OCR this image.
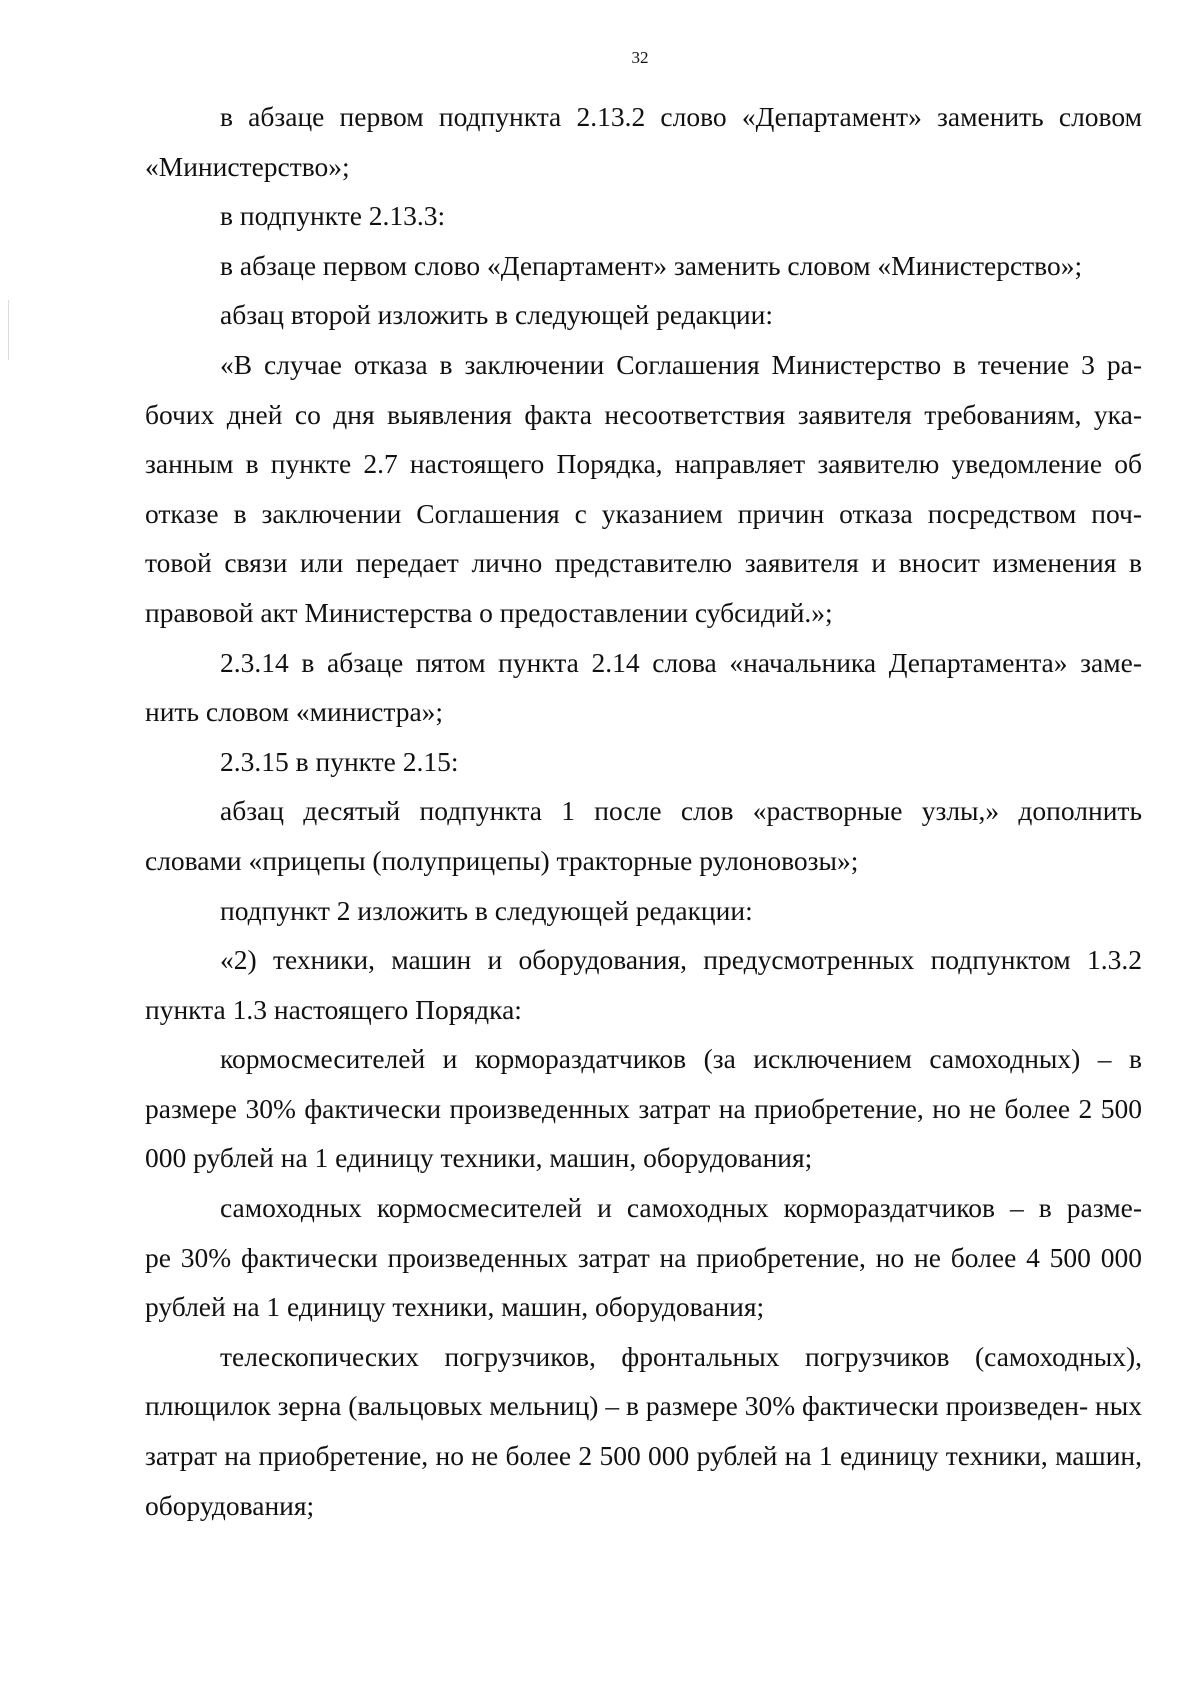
32

в абзаце первом подпункта 2.13.2 слово «Департамент» заменить словом
«Министерство»;

в подпункте 2.13.3:

в абзаце первом слово «Департамент» заменить словом «Министерство»;

абзац второй изложить в следующей редакции:

«В случае отказа в заключении Соглашения Министерство в течение 3 ра-
бочих дней со дня выявления факта несоответствия заявителя требованиям, ука- занным в пункте 2.7 настоящего Порядка, направляет заявителю уведомление об отказе в заключении Соглашения с указанием причин отказа посредством поч- товой связи или передает лично представителю заявителя и вносит изменения в правовой акт Министерства о предоставлении субсидий.»;

2.3.14 в абзаце пятом пункта 2.14 слова «начальника Департамента» заме-
нить словом «министра»;

2.3.15 в пункте 2.15:

абзац десятый подпункта 1 после слов «растворные узлы,» дополнить
словами «прицепы (полуприцепы) тракторные рулоновозы»;

подпункт 2 изложить в следующей редакции:

«2) техники, машин и оборудования, предусмотренных подпунктом 1.3.2
пункта 1.3 настоящего Порядка:

кормосмесителей и кормораздатчиков (за исключением самоходных) – в
размере 30% фактически произведенных затрат на приобретение, но не более 2 500 000 рублей на 1 единицу техники, машин, оборудования;

самоходных кормосмесителей и самоходных кормораздатчиков – в разме-
ре 30% фактически произведенных затрат на приобретение, но не более 4 500 000 рублей на 1 единицу техники, машин, оборудования;

телескопических погрузчиков, фронтальных погрузчиков (самоходных),
плющилок зерна (вальцовых мельниц) – в размере 30% фактически произведен- ных затрат на приобретение, но не более 2 500 000 рублей на 1 единицу техники, машин, оборудования;
